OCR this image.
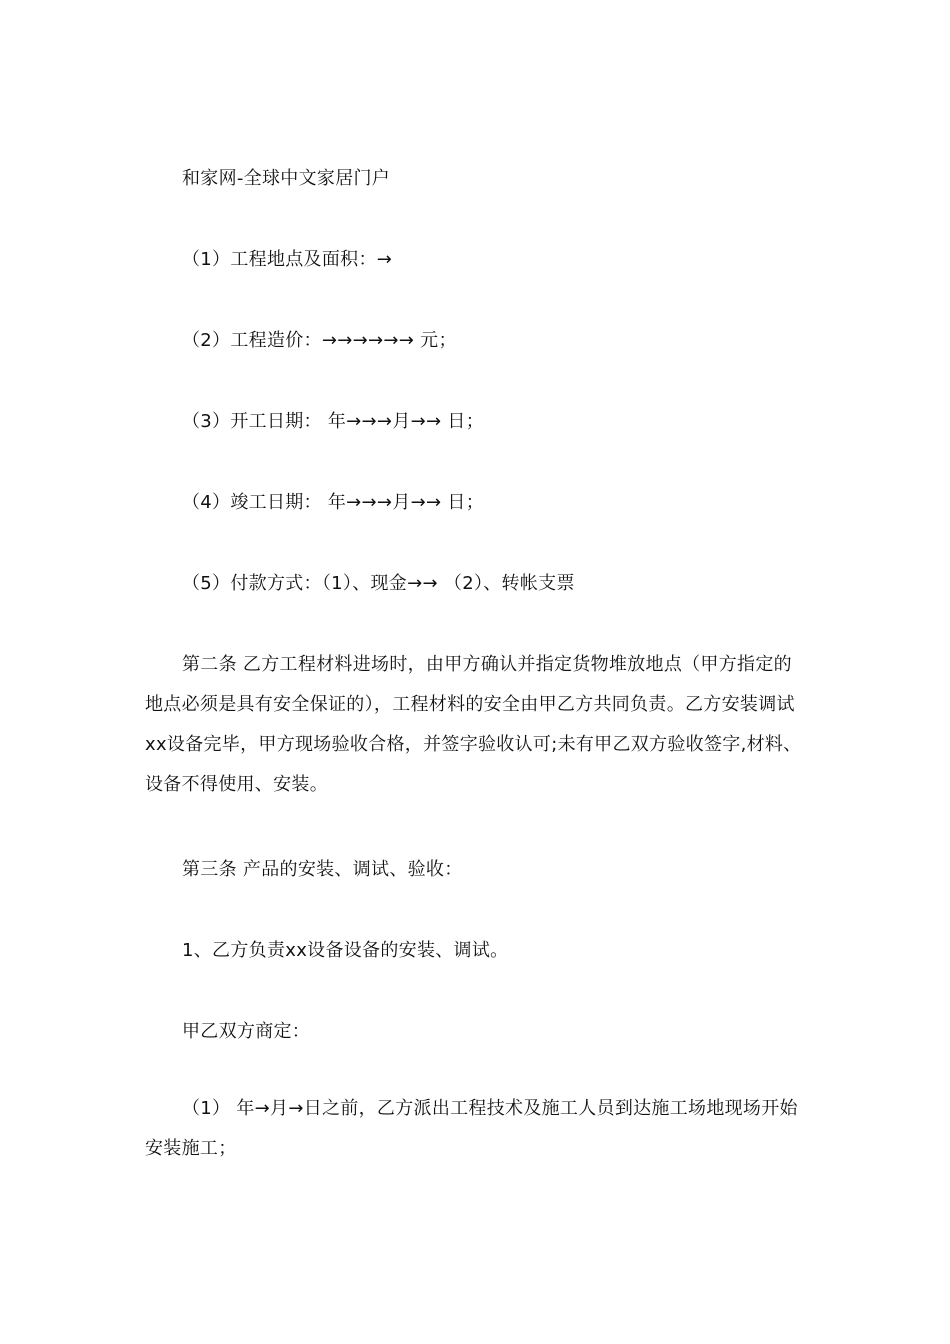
和家网-全球中文家居门户
（1）工程地点及面积：→
（2）工程造价：→→→→→→ 元；
（3）开工日期： 年→→→月→→ 日；
（4）竣工日期： 年→→→月→→ 日；
（5）付款方式：（1）、现金→→ （2）、转帐支票
第二条 乙方工程材料进场时，由甲方确认并指定货物堆放地点（甲方指定的地点必须是具有安全保证的），工程材料的安全由甲乙方共同负责。乙方安装调试xx设备完毕，甲方现场验收合格，并签字验收认可;未有甲乙双方验收签字,材料、设备不得使用、安装。
第三条 产品的安装、调试、验收：
1、乙方负责xx设备设备的安装、调试。
甲乙双方商定：
（1） 年→月→日之前，乙方派出工程技术及施工人员到达施工场地现场开始安装施工；
